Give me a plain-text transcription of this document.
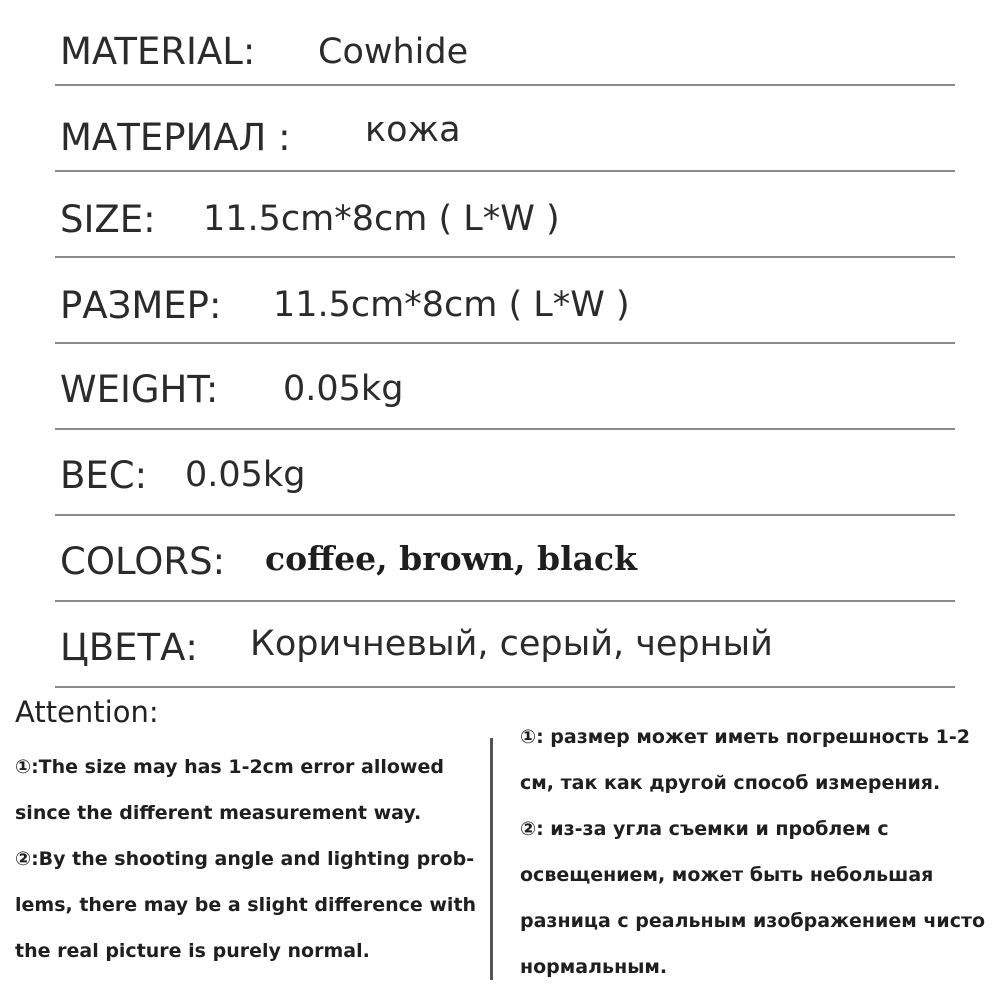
MATERIAL: Cowhide
МАТЕРИАЛ : кожа
SIZE: 11.5cm*8cm ( L*W )
РАЗМЕР: 11.5cm*8cm ( L*W )
WEIGHT: 0.05kg
ВЕС: 0.05kg
COLORS: coffee, brown, black
ЦВЕТА: Коричневый, серый, черный
Attention:
①:The size may has 1-2cm error allowed
since the different measurement way.
②:By the shooting angle and lighting prob-
lems, there may be a slight difference with
the real picture is purely normal.
①: размер может иметь погрешность 1-2
см, так как другой способ измерения.
②: из-за угла съемки и проблем с
освещением, может быть небольшая
разница с реальным изображением чисто
нормальным.
